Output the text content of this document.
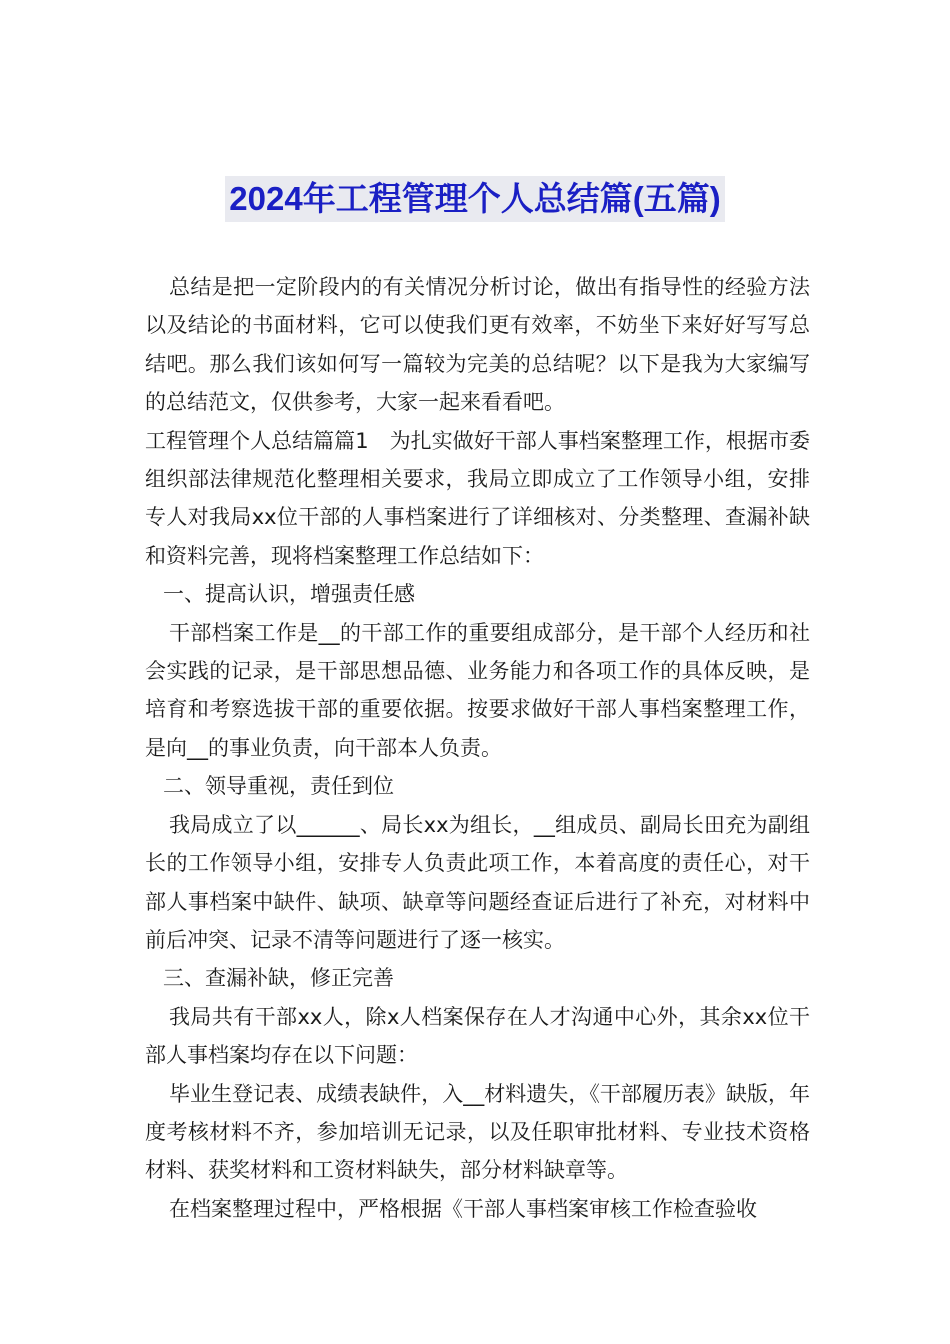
2024年工程管理个人总结篇(五篇)

总结是把一定阶段内的有关情况分析讨论，做出有指导性的经验方法以及结论的书面材料，它可以使我们更有效率，不妨坐下来好好写写总结吧。那么我们该如何写一篇较为完美的总结呢？以下是我为大家编写的总结范文，仅供参考，大家一起来看看吧。

工程管理个人总结篇篇1　为扎实做好干部人事档案整理工作，根据市委组织部法律规范化整理相关要求，我局立即成立了工作领导小组，安排专人对我局xx位干部的人事档案进行了详细核对、分类整理、查漏补缺和资料完善，现将档案整理工作总结如下：

一、提高认识，增强责任感

干部档案工作是__的干部工作的重要组成部分，是干部个人经历和社会实践的记录，是干部思想品德、业务能力和各项工作的具体反映，是培育和考察选拔干部的重要依据。按要求做好干部人事档案整理工作，是向__的事业负责，向干部本人负责。

二、领导重视，责任到位

我局成立了以______、局长xx为组长，__组成员、副局长田充为副组长的工作领导小组，安排专人负责此项工作，本着高度的责任心，对干部人事档案中缺件、缺项、缺章等问题经查证后进行了补充，对材料中前后冲突、记录不清等问题进行了逐一核实。

三、查漏补缺，修正完善

我局共有干部xx人，除x人档案保存在人才沟通中心外，其余xx位干部人事档案均存在以下问题：

毕业生登记表、成绩表缺件，入__材料遗失，《干部履历表》缺版，年度考核材料不齐，参加培训无记录，以及任职审批材料、专业技术资格材料、获奖材料和工资材料缺失，部分材料缺章等。

在档案整理过程中，严格根据《干部人事档案审核工作检查验收
